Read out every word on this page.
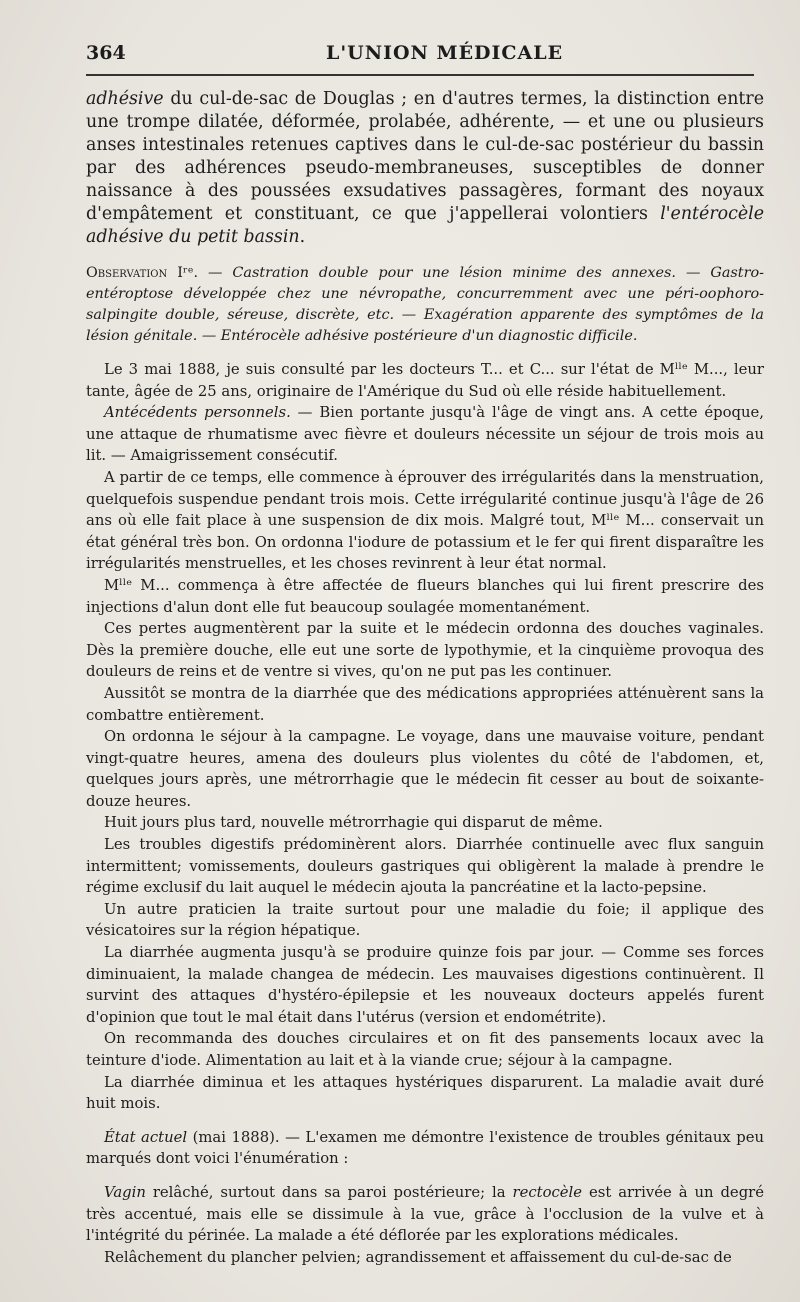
364	L'UNION MÉDICALE

adhésive du cul-de-sac de Douglas ; en d'autres termes, la distinction entre une trompe dilatée, déformée, prolabée, adhérente, — et une ou plusieurs anses intestinales retenues captives dans le cul-de-sac postérieur du bassin par des adhérences pseudo-membraneuses, susceptibles de donner naissance à des poussées exsudatives passagères, formant des noyaux d'empâtement et constituant, ce que j'appellerai volontiers l'entérocèle adhésive du petit bassin.

Observation Iʳᵉ. — Castration double pour une lésion minime des annexes. — Gastro-entéroptose développée chez une névropathe, concurremment avec une péri-oophoro-salpingite double, séreuse, discrète, etc. — Exagération apparente des symptômes de la lésion génitale. — Entérocèle adhésive postérieure d'un diagnostic difficile.

Le 3 mai 1888, je suis consulté par les docteurs T... et C... sur l'état de Mˡˡᵉ M..., leur tante, âgée de 25 ans, originaire de l'Amérique du Sud où elle réside habituellement.

Antécédents personnels. — Bien portante jusqu'à l'âge de vingt ans. A cette époque, une attaque de rhumatisme avec fièvre et douleurs nécessite un séjour de trois mois au lit. — Amaigrissement consécutif.

A partir de ce temps, elle commence à éprouver des irrégularités dans la menstruation, quelquefois suspendue pendant trois mois. Cette irrégularité continue jusqu'à l'âge de 26 ans où elle fait place à une suspension de dix mois. Malgré tout, Mˡˡᵉ M... conservait un état général très bon. On ordonna l'iodure de potassium et le fer qui firent disparaître les irrégularités menstruelles, et les choses revinrent à leur état normal.

Mˡˡᵉ M... commença à être affectée de flueurs blanches qui lui firent prescrire des injections d'alun dont elle fut beaucoup soulagée momentanément.

Ces pertes augmentèrent par la suite et le médecin ordonna des douches vaginales. Dès la première douche, elle eut une sorte de lypothymie, et la cinquième provoqua des douleurs de reins et de ventre si vives, qu'on ne put pas les continuer.

Aussitôt se montra de la diarrhée que des médications appropriées atténuèrent sans la combattre entièrement.

On ordonna le séjour à la campagne. Le voyage, dans une mauvaise voiture, pendant vingt-quatre heures, amena des douleurs plus violentes du côté de l'abdomen, et, quelques jours après, une métrorrhagie que le médecin fit cesser au bout de soixante-douze heures.

Huit jours plus tard, nouvelle métrorrhagie qui disparut de même.

Les troubles digestifs prédominèrent alors. Diarrhée continuelle avec flux sanguin intermittent; vomissements, douleurs gastriques qui obligèrent la malade à prendre le régime exclusif du lait auquel le médecin ajouta la pancréatine et la lacto-pepsine.

Un autre praticien la traite surtout pour une maladie du foie; il applique des vésicatoires sur la région hépatique.

La diarrhée augmenta jusqu'à se produire quinze fois par jour. — Comme ses forces diminuaient, la malade changea de médecin. Les mauvaises digestions continuèrent. Il survint des attaques d'hystéro-épilepsie et les nouveaux docteurs appelés furent d'opinion que tout le mal était dans l'utérus (version et endométrite).

On recommanda des douches circulaires et on fit des pansements locaux avec la teinture d'iode. Alimentation au lait et à la viande crue; séjour à la campagne.

La diarrhée diminua et les attaques hystériques disparurent. La maladie avait duré huit mois.

État actuel (mai 1888). — L'examen me démontre l'existence de troubles génitaux peu marqués dont voici l'énumération :

Vagin relâché, surtout dans sa paroi postérieure; la rectocèle est arrivée à un degré très accentué, mais elle se dissimule à la vue, grâce à l'occlusion de la vulve et à l'intégrité du périnée. La malade a été déflorée par les explorations médicales.

Relâchement du plancher pelvien; agrandissement et affaissement du cul-de-sac de
